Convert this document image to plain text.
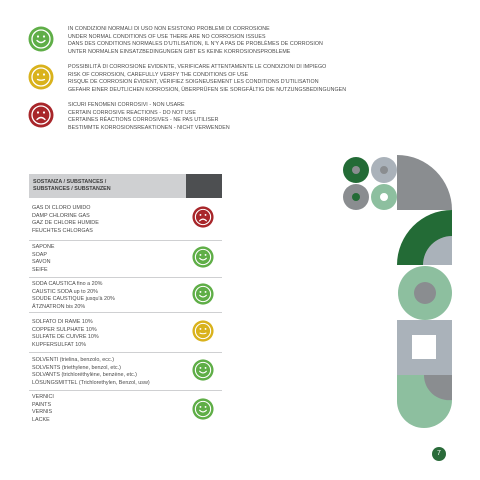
IN CONDIZIONI NORMALI DI USO NON ESISTONO PROBLEMI DI CORROSIONE
UNDER NORMAL CONDITIONS OF USE THERE ARE NO CORROSION ISSUES
DANS DES CONDITIONS NORMALES D'UTILISATION, IL N'Y A PAS DE PROBLÈMES DE CORROSION
UNTER NORMALEN EINSATZBEDINGUNGEN GIBT ES KEINE KORROSIONSPROBLEME
POSSIBILITÀ DI CORROSIONE EVIDENTE, VERIFICARE ATTENTAMENTE LE CONDIZIONI DI IMPIEGO
RISK OF CORROSION, CAREFULLY VERIFY THE CONDITIONS OF USE
RISQUE DE CORROSION ÉVIDENT, VÉRIFIEZ SOIGNEUSEMENT LES CONDITIONS D'UTILISATION
GEFAHR EINER DEUTLICHEN KORROSION, ÜBERPRÜFEN SIE SORGFÄLTIG DIE NUTZUNGSBEDINGUNGEN
SICURI FENOMENI CORROSIVI - NON USARE
CERTAIN CORROSIVE REACTIONS - DO NOT USE
CERTAINES RÉACTIONS CORROSIVES - NE PAS UTILISER
BESTIMMTE KORROSIONSREAKTIONEN - NICHT VERWENDEN
SOSTANZA / SUBSTANCES /
SUBSTANCES / SUBSTANZEN
GAS DI CLORO UMIDO
DAMP CHLORINE GAS
GAZ DE CHLORE HUMIDE
FEUCHTES CHLORGAS
SAPONE
SOAP
SAVON
SEIFE
SODA CAUSTICA fino a 20%
CAUSTIC SODA up to 20%
SOUDE CAUSTIQUE jusqu'à 20%
ÄTZNATRON bis 20%
SOLFATO DI RAME 10%
COPPER SULPHATE 10%
SULFATE DE CUIVRE 10%
KUPFERSULFAT 10%
SOLVENTI (trielina, benzolo, ecc.)
SOLVENTS (triethylene, benzol, etc.)
SOLVANTS (trichloréthylène, benzène, etc.)
LÖSUNGSMITTEL (Trichlorethylen, Benzol, usw)
VERNICI
PAINTS
VERNIS
LACKE
7
